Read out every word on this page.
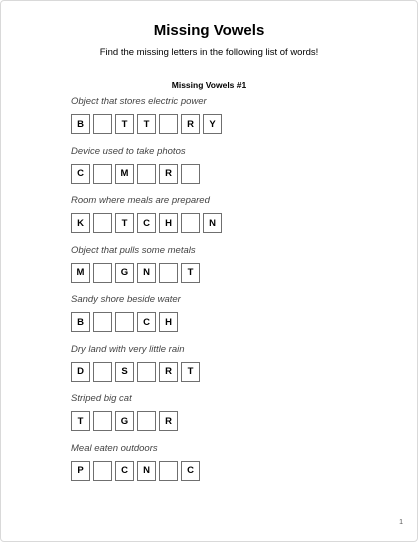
Missing Vowels
Find the missing letters in the following list of words!
Missing Vowels #1
Object that stores electric power
B	T	T	R	Y
Device used to take photos
C	M	R
Room where meals are prepared
K	T	C	H	N
Object that pulls some metals
M	G	N	T
Sandy shore beside water
B	C	H
Dry land with very little rain
D	S	R	T
Striped big cat
T	G	R
Meal eaten outdoors
P	C	N	C
1
